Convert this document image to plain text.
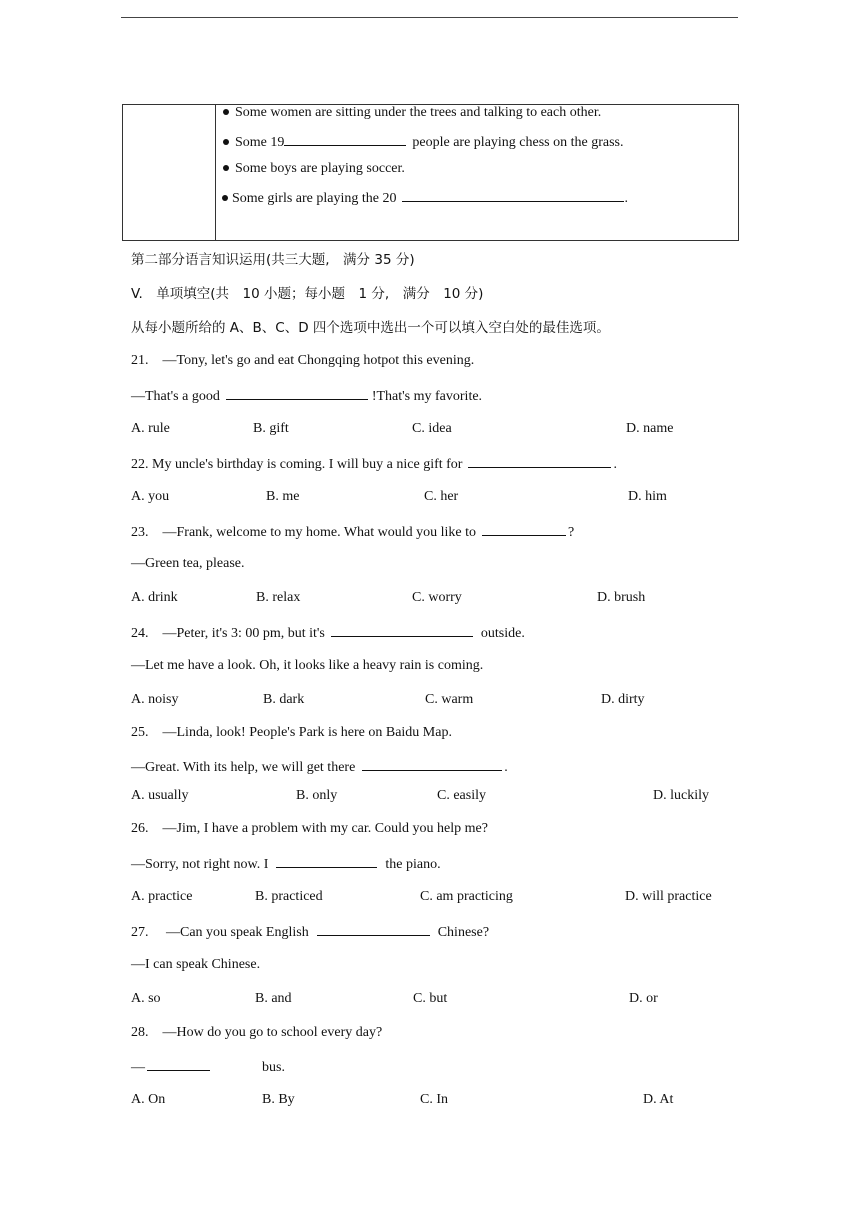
Some women are sitting under the trees and talking to each other.
Some 19	people are playing chess on the grass.
Some boys are playing soccer.
Some girls are playing the 20	.
第二部分语言知识运用(共三大题,　满分 35 分)
V.　单项填空(共　10 小题；每小题　1 分,　满分　10 分)
从每小题所给的 A、B、C、D 四个选项中选出一个可以填入空白处的最佳选项。
21.　—Tony, let's go and eat Chongqing hotpot this evening.
—That's a good	!That's my favorite.
A. rule	B. gift	C. idea	D. name
22. My uncle's birthday is coming. I will buy a nice gift for	.
A. you	B. me	C. her	D. him
23.　—Frank, welcome to my home. What would you like to	?
—Green tea, please.
A. drink	B. relax	C. worry	D. brush
24.　—Peter, it's 3: 00 pm, but it's	outside.
—Let me have a look. Oh, it looks like a heavy rain is coming.
A. noisy	B. dark	C. warm	D. dirty
25.　—Linda, look! People's Park is here on Baidu Map.
—Great. With its help, we will get there	.
A. usually	B. only	C. easily	D. luckily
26.　—Jim, I have a problem with my car. Could you help me?
—Sorry, not right now. I	the piano.
A. practice	B. practiced	C. am practicing	D. will practice
27.　 —Can you speak English	Chinese?
—I can speak Chinese.
A. so	B. and	C. but	D. or
28.　—How do you go to school every day?
—	bus.
A. On	B. By	C. In	D. At
